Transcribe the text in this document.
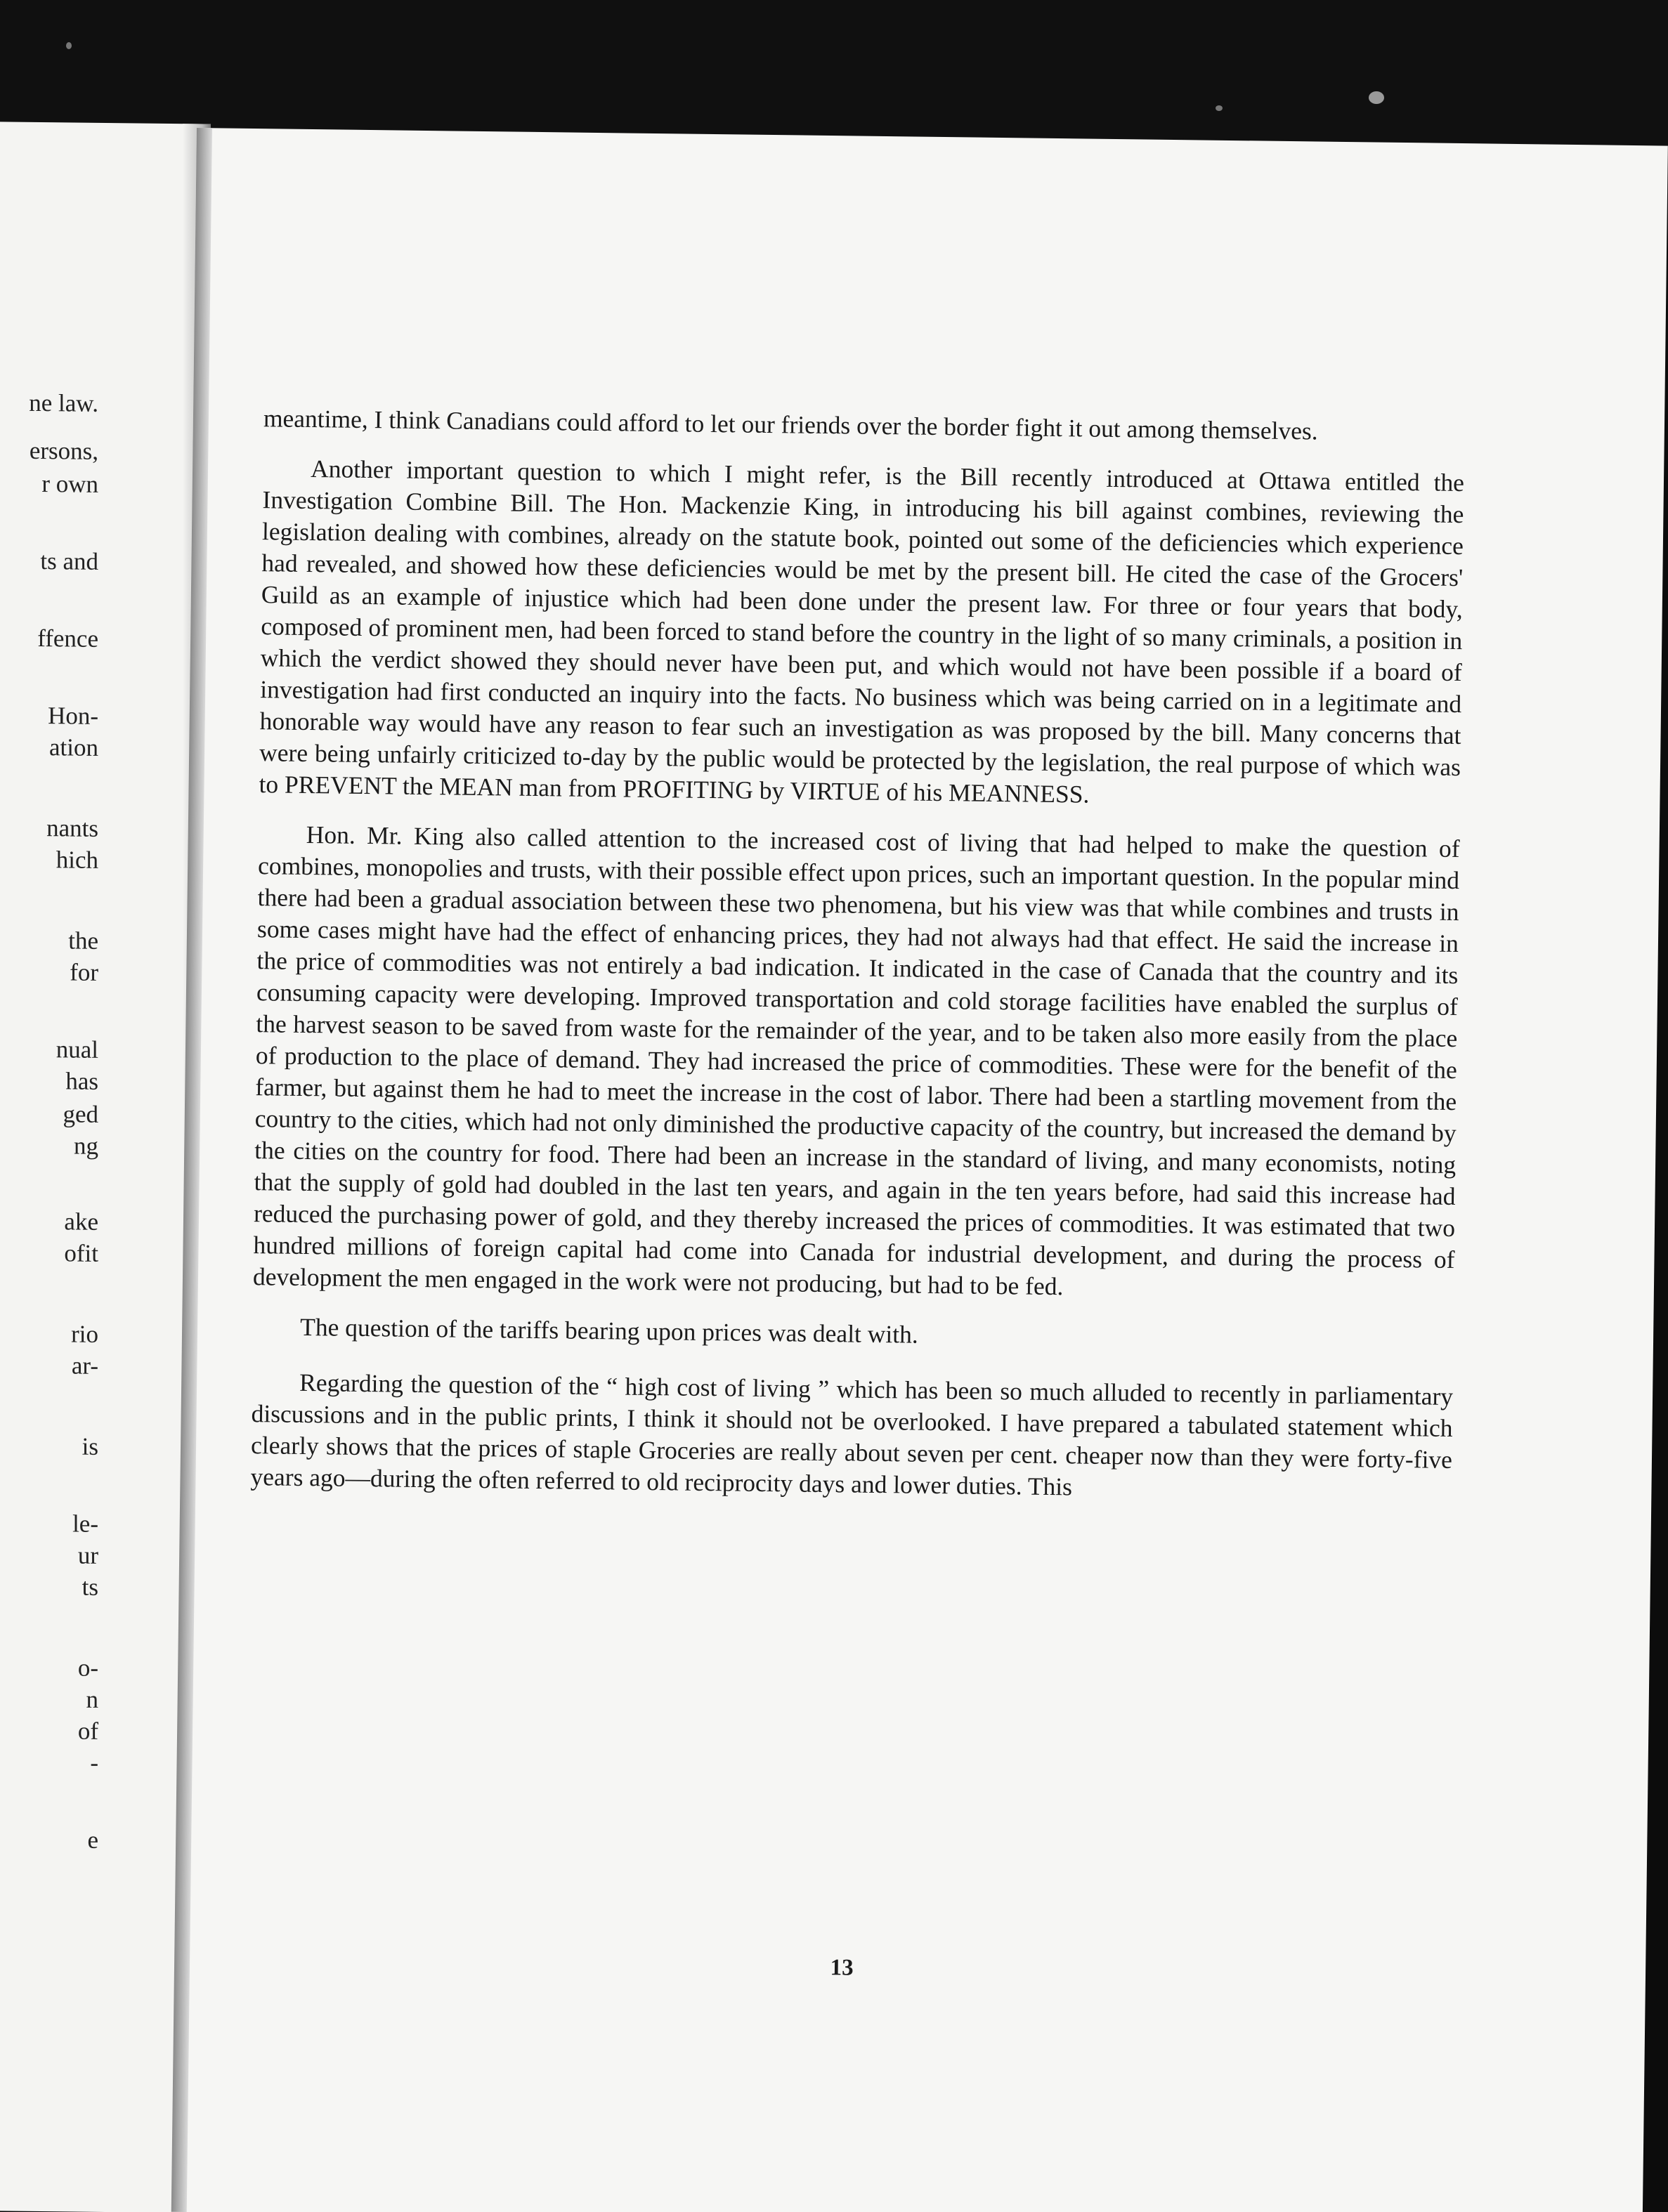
ne law.
ersons,
r own
ts and
ffence
Hon-
ation
nants
hich
the
for
nual
has
ged
ng
ake
ofit
rio
ar-
is
le-
ur
ts
o-
n
of
-
e

meantime, I think Canadians could afford to let our friends over the border fight it out among themselves.

Another important question to which I might refer, is the Bill recently introduced at Ottawa entitled the Investigation Combine Bill. The Hon. Mackenzie King, in introducing his bill against combines, reviewing the legislation dealing with combines, already on the statute book, pointed out some of the deficiencies which experience had revealed, and showed how these deficiencies would be met by the present bill. He cited the case of the Grocers' Guild as an example of injustice which had been done under the present law. For three or four years that body, composed of prominent men, had been forced to stand before the country in the light of so many criminals, a position in which the verdict showed they should never have been put, and which would not have been possible if a board of investigation had first conducted an inquiry into the facts. No business which was being carried on in a legitimate and honorable way would have any reason to fear such an investigation as was proposed by the bill. Many concerns that were being unfairly criticized to-day by the public would be protected by the legislation, the real purpose of which was to PREVENT the MEAN man from PROFITING by VIRTUE of his MEANNESS.

Hon. Mr. King also called attention to the increased cost of living that had helped to make the question of combines, monopolies and trusts, with their possible effect upon prices, such an important question. In the popular mind there had been a gradual association between these two phenomena, but his view was that while combines and trusts in some cases might have had the effect of enhancing prices, they had not always had that effect. He said the increase in the price of commodities was not entirely a bad indication. It indicated in the case of Canada that the country and its consuming capacity were developing. Improved transportation and cold storage facilities have enabled the surplus of the harvest season to be saved from waste for the remainder of the year, and to be taken also more easily from the place of production to the place of demand. They had increased the price of commodities. These were for the benefit of the farmer, but against them he had to meet the increase in the cost of labor. There had been a startling movement from the country to the cities, which had not only diminished the productive capacity of the country, but increased the demand by the cities on the country for food. There had been an increase in the standard of living, and many economists, noting that the supply of gold had doubled in the last ten years, and again in the ten years before, had said this increase had reduced the purchasing power of gold, and they thereby increased the prices of commodities. It was estimated that two hundred millions of foreign capital had come into Canada for industrial development, and during the process of development the men engaged in the work were not producing, but had to be fed.

The question of the tariffs bearing upon prices was dealt with.

Regarding the question of the “ high cost of living ” which has been so much alluded to recently in parliamentary discussions and in the public prints, I think it should not be overlooked. I have prepared a tabulated statement which clearly shows that the prices of staple Groceries are really about seven per cent. cheaper now than they were forty-five years ago—during the often referred to old reciprocity days and lower duties. This

13
